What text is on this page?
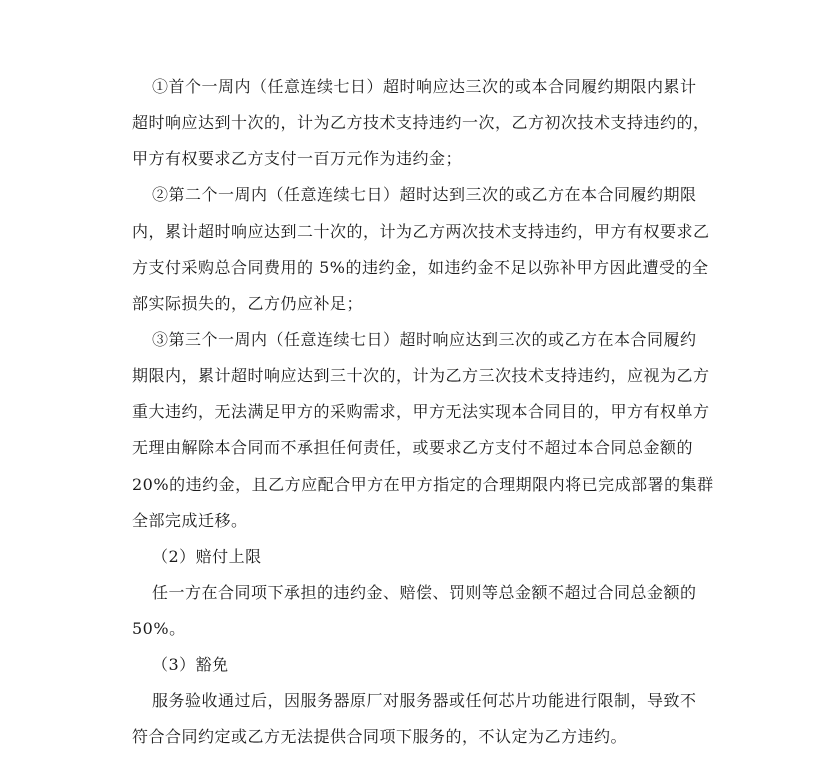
①首个一周内（任意连续七日）超时响应达三次的或本合同履约期限内累计
超时响应达到十次的，计为乙方技术支持违约一次，乙方初次技术支持违约的，
甲方有权要求乙方支付一百万元作为违约金；
②第二个一周内（任意连续七日）超时达到三次的或乙方在本合同履约期限
内，累计超时响应达到二十次的，计为乙方两次技术支持违约，甲方有权要求乙
方支付采购总合同费用的 5%的违约金，如违约金不足以弥补甲方因此遭受的全
部实际损失的，乙方仍应补足；
③第三个一周内（任意连续七日）超时响应达到三次的或乙方在本合同履约
期限内，累计超时响应达到三十次的，计为乙方三次技术支持违约，应视为乙方
重大违约，无法满足甲方的采购需求，甲方无法实现本合同目的，甲方有权单方
无理由解除本合同而不承担任何责任，或要求乙方支付不超过本合同总金额的
20%的违约金，且乙方应配合甲方在甲方指定的合理期限内将已完成部署的集群
全部完成迁移。
（2）赔付上限
任一方在合同项下承担的违约金、赔偿、罚则等总金额不超过合同总金额的
50%。
（3）豁免
服务验收通过后，因服务器原厂对服务器或任何芯片功能进行限制，导致不
符合合同约定或乙方无法提供合同项下服务的，不认定为乙方违约。
